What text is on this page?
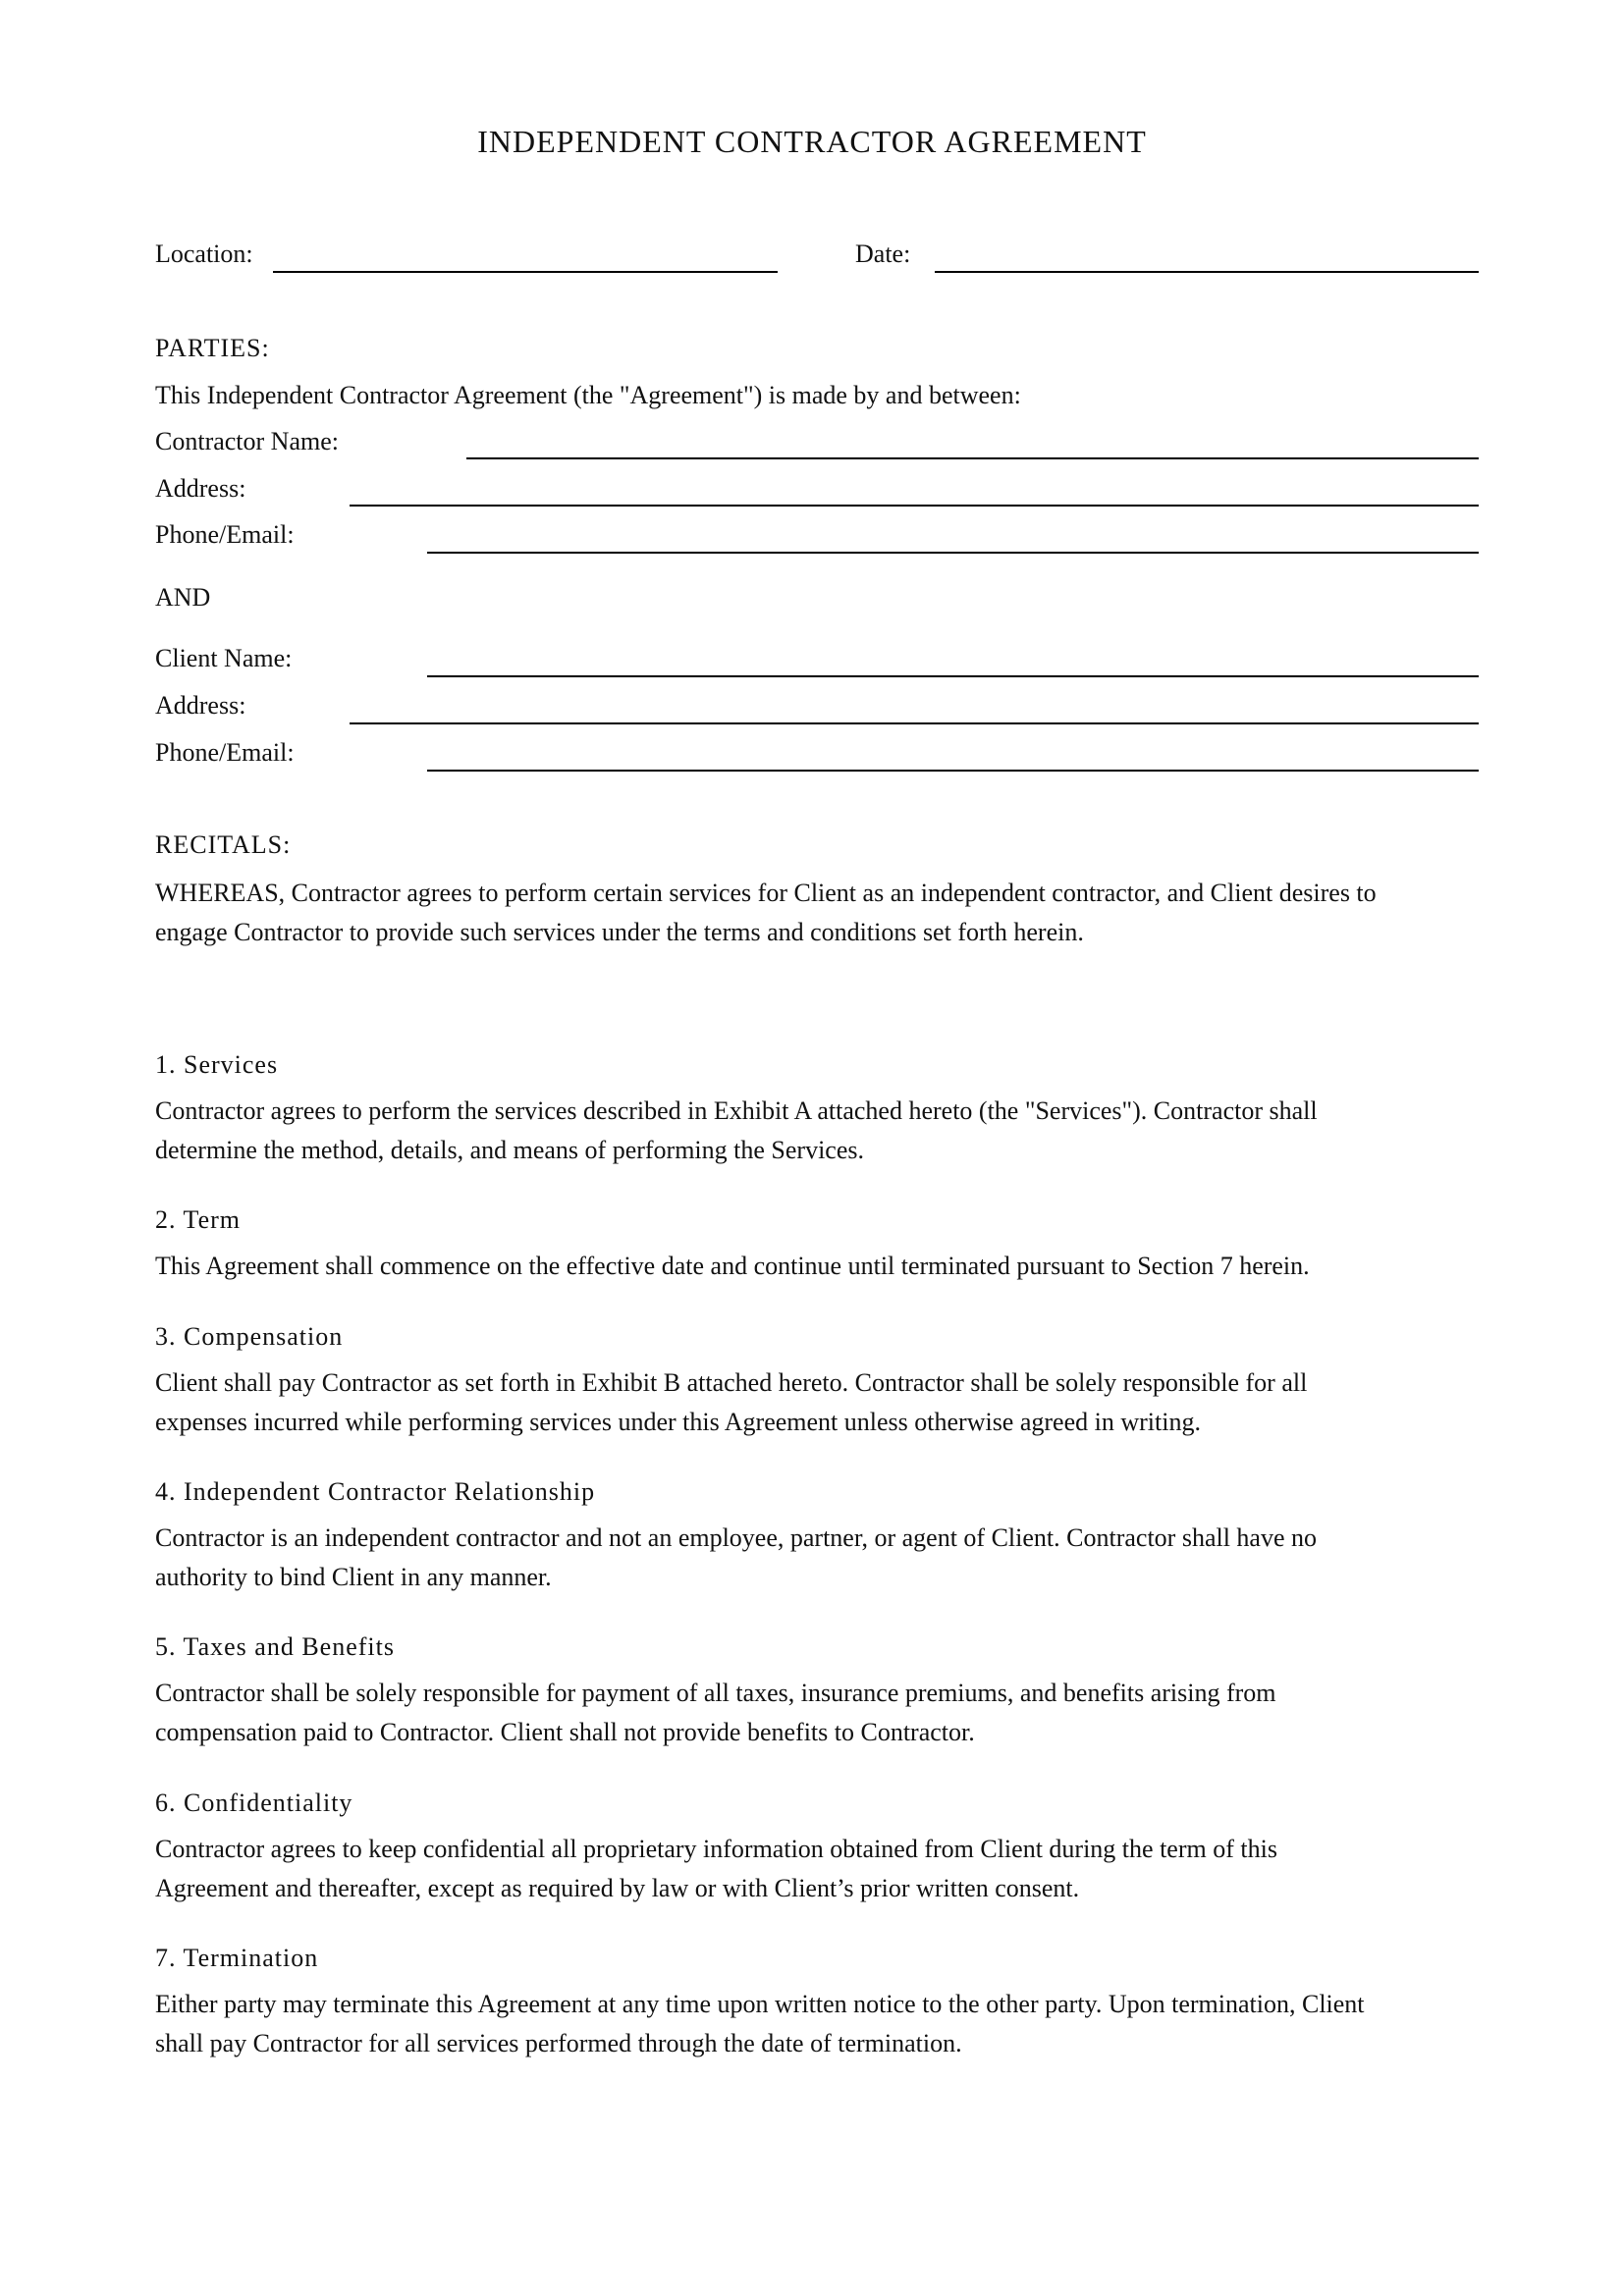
INDEPENDENT CONTRACTOR AGREEMENT
Location:	Date:
PARTIES:
This Independent Contractor Agreement (the "Agreement") is made by and between:
Contractor Name:
Address:
Phone/Email:
AND
Client Name:
Address:
Phone/Email:
RECITALS:
WHEREAS, Contractor agrees to perform certain services for Client as an independent contractor, and Client desires to
engage Contractor to provide such services under the terms and conditions set forth herein.
1. Services
Contractor agrees to perform the services described in Exhibit A attached hereto (the "Services"). Contractor shall
determine the method, details, and means of performing the Services.
2. Term
This Agreement shall commence on the effective date and continue until terminated pursuant to Section 7 herein.
3. Compensation
Client shall pay Contractor as set forth in Exhibit B attached hereto. Contractor shall be solely responsible for all
expenses incurred while performing services under this Agreement unless otherwise agreed in writing.
4. Independent Contractor Relationship
Contractor is an independent contractor and not an employee, partner, or agent of Client. Contractor shall have no
authority to bind Client in any manner.
5. Taxes and Benefits
Contractor shall be solely responsible for payment of all taxes, insurance premiums, and benefits arising from
compensation paid to Contractor. Client shall not provide benefits to Contractor.
6. Confidentiality
Contractor agrees to keep confidential all proprietary information obtained from Client during the term of this
Agreement and thereafter, except as required by law or with Client’s prior written consent.
7. Termination
Either party may terminate this Agreement at any time upon written notice to the other party. Upon termination, Client
shall pay Contractor for all services performed through the date of termination.
